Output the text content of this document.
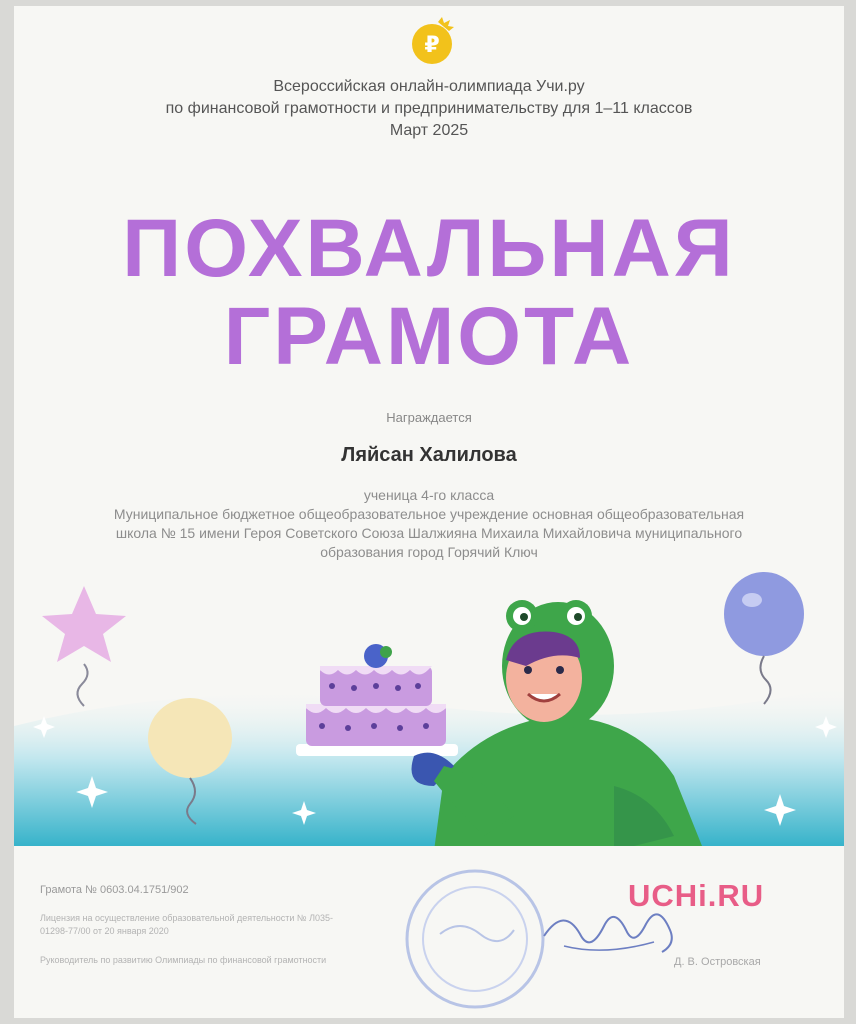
₽
Всероссийская онлайн-олимпиада Учи.ру
по финансовой грамотности и предпринимательству для 1–11 классов
Март 2025
ПОХВАЛЬНАЯ
ГРАМОТА
Награждается
Ляйсан Халилова
ученица 4-го класса
Муниципальное бюджетное общеобразовательное учреждение основная общеобразовательная школа № 15 имени Героя Советского Союза Шалжияна Михаила Михайловича муниципального образования город Горячий Ключ
Грамота № 0603.04.1751/902
Лицензия на осуществление образовательной деятельности № Л035-01298-77/00 от 20 января 2020
Руководитель по развитию Олимпиады по финансовой грамотности
UCHi.RU
Д. В. Островская
